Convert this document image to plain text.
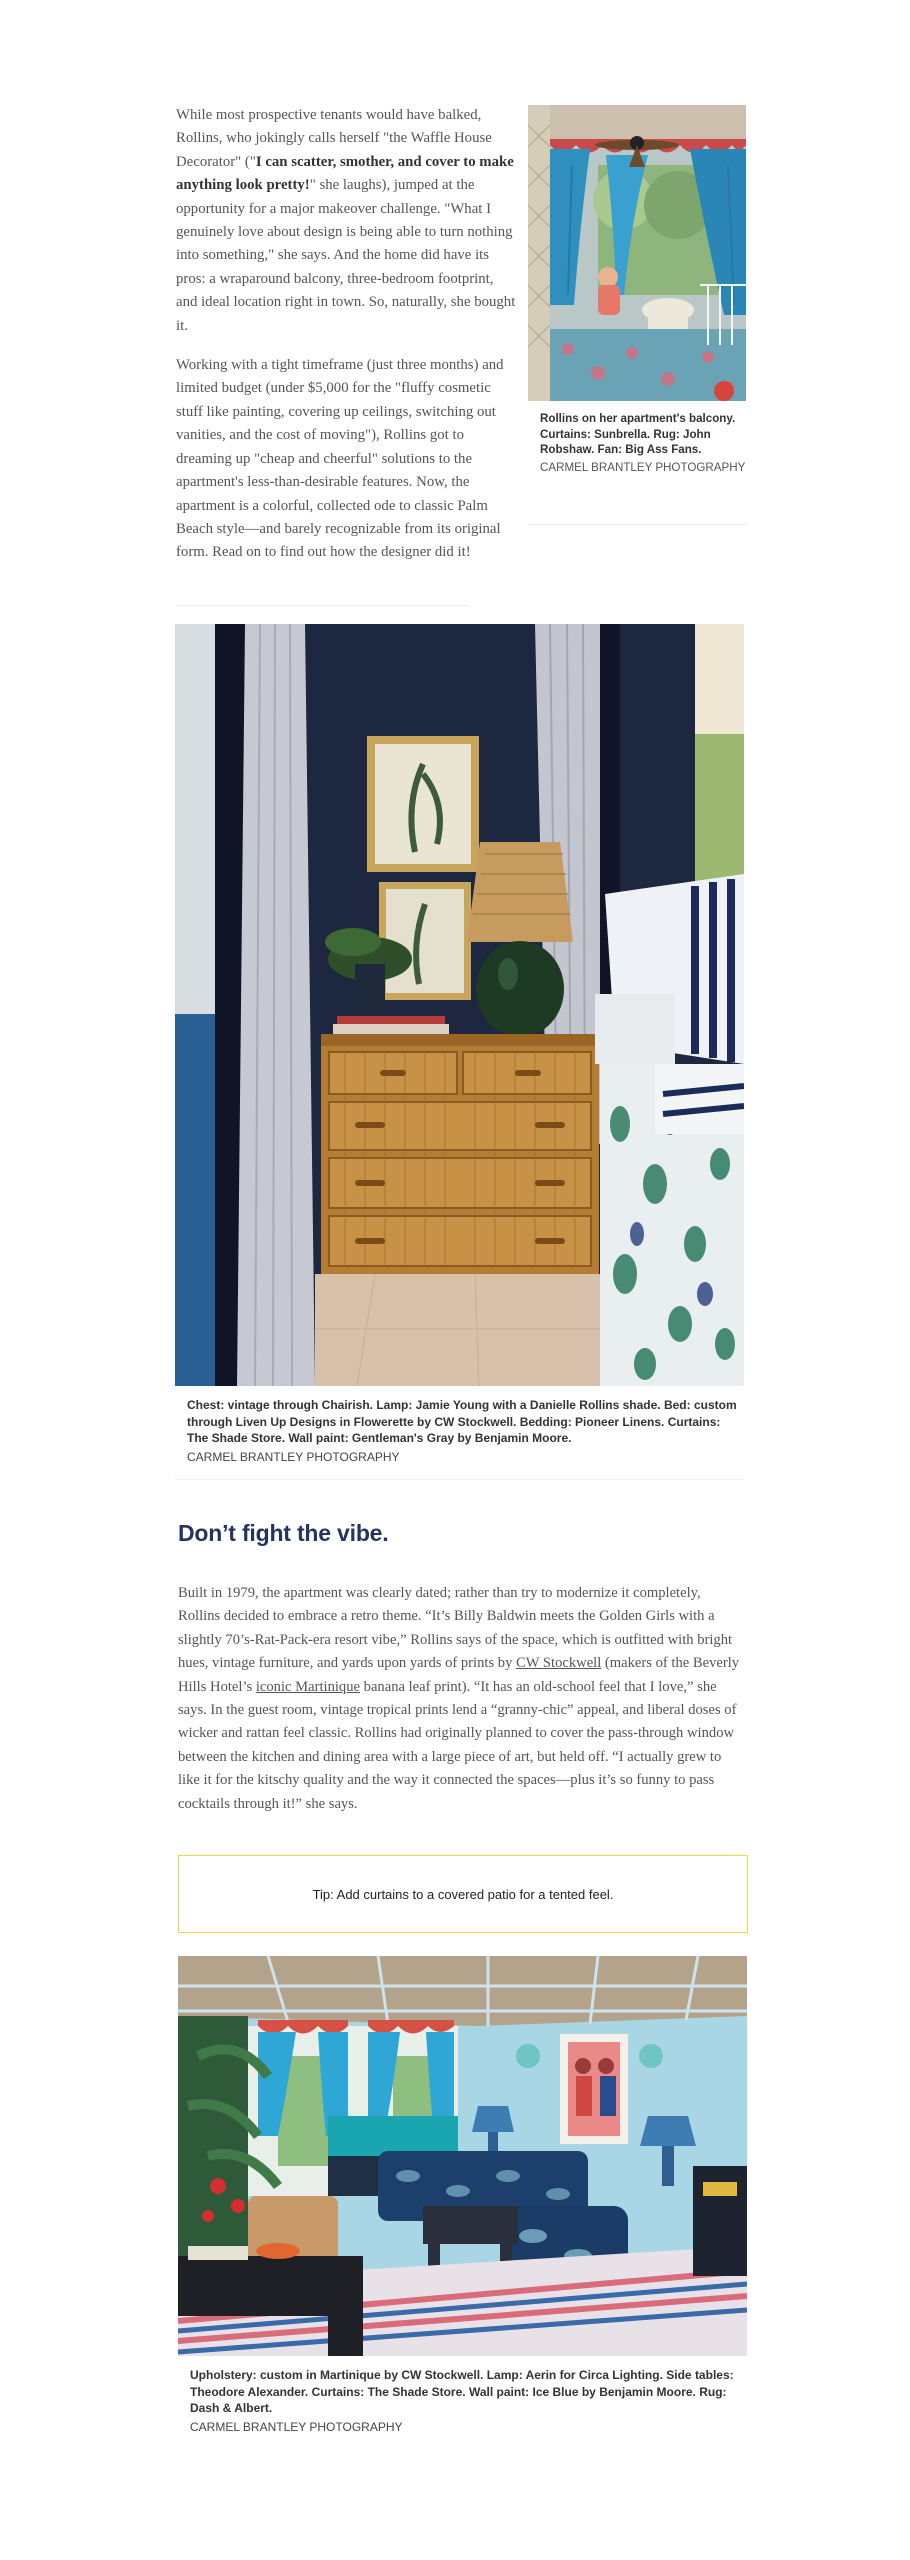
While most prospective tenants would have balked, Rollins, who jokingly calls herself "the Waffle House Decorator" ("I can scatter, smother, and cover to make anything look pretty!" she laughs), jumped at the opportunity for a major makeover challenge. "What I genuinely love about design is being able to turn nothing into something," she says. And the home did have its pros: a wraparound balcony, three-bedroom footprint, and ideal location right in town. So, naturally, she bought it.

Working with a tight timeframe (just three months) and limited budget (under $5,000 for the "fluffy cosmetic stuff like painting, covering up ceilings, switching out vanities, and the cost of moving"), Rollins got to dreaming up "cheap and cheerful" solutions to the apartment's less-than-desirable features. Now, the apartment is a colorful, collected ode to classic Palm Beach style—and barely recognizable from its original form. Read on to find out how the designer did it!

Rollins on her apartment's balcony. Curtains: Sunbrella. Rug: John Robshaw. Fan: Big Ass Fans.
CARMEL BRANTLEY PHOTOGRAPHY
Chest: vintage through Chairish. Lamp: Jamie Young with a Danielle Rollins shade. Bed: custom through Liven Up Designs in Flowerette by CW Stockwell. Bedding: Pioneer Linens. Curtains: The Shade Store. Wall paint: Gentleman's Gray by Benjamin Moore.
CARMEL BRANTLEY PHOTOGRAPHY
Don’t fight the vibe.

Built in 1979, the apartment was clearly dated; rather than try to modernize it completely, Rollins decided to embrace a retro theme. “It’s Billy Baldwin meets the Golden Girls with a slightly 70’s-Rat-Pack-era resort vibe,” Rollins says of the space, which is outfitted with bright hues, vintage furniture, and yards upon yards of prints by CW Stockwell (makers of the Beverly Hills Hotel’s iconic Martinique banana leaf print). “It has an old-school feel that I love,” she says. In the guest room, vintage tropical prints lend a “granny-chic” appeal, and liberal doses of wicker and rattan feel classic. Rollins had originally planned to cover the pass-through window between the kitchen and dining area with a large piece of art, but held off. “I actually grew to like it for the kitschy quality and the way it connected the spaces—plus it’s so funny to pass cocktails through it!” she says.

Tip: Add curtains to a covered patio for a tented feel.
Upholstery: custom in Martinique by CW Stockwell. Lamp: Aerin for Circa Lighting. Side tables: Theodore Alexander. Curtains: The Shade Store. Wall paint: Ice Blue by Benjamin Moore. Rug: Dash & Albert.
CARMEL BRANTLEY PHOTOGRAPHY
